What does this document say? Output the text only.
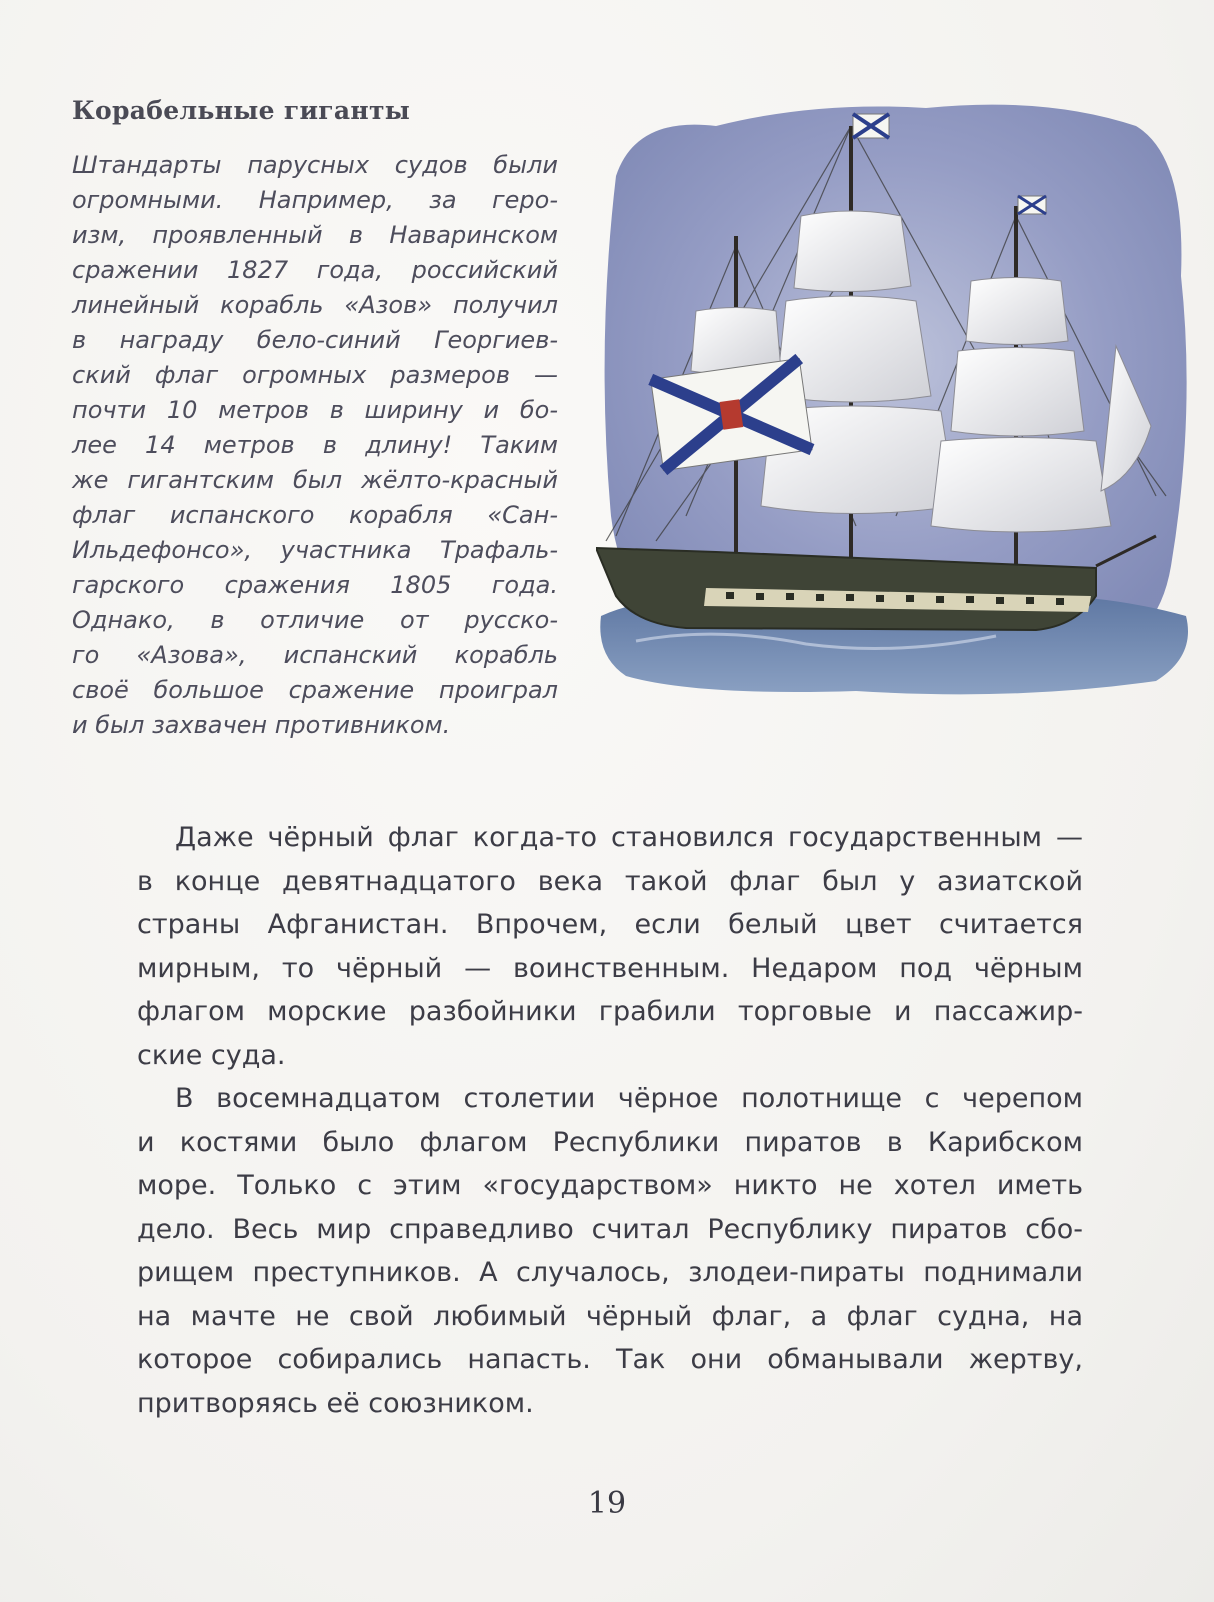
Корабельные гиганты
Штандарты парусных судов были
огромными. Например, за геро-
изм, проявленный в Наваринском
сражении 1827 года, российский
линейный корабль «Азов» получил
в награду бело-синий Георгиев-
ский флаг огромных размеров —
почти 10 метров в ширину и бо-
лее 14 метров в длину! Таким
же гигантским был жёлто-красный
флаг испанского корабля «Сан-
Ильдефонсо», участника Трафаль-
гарского сражения 1805 года.
Однако, в отличие от русско-
го «Азова», испанский корабль
своё большое сражение проиграл
и был захвачен противником.
Даже чёрный флаг когда-то становился государственным —
в конце девятнадцатого века такой флаг был у азиатской
страны Афганистан. Впрочем, если белый цвет считается
мирным, то чёрный — воинственным. Недаром под чёрным
флагом морские разбойники грабили торговые и пассажир-
ские суда.
В восемнадцатом столетии чёрное полотнище с черепом
и костями было флагом Республики пиратов в Карибском
море. Только с этим «государством» никто не хотел иметь
дело. Весь мир справедливо считал Республику пиратов сбо-
рищем преступников. А случалось, злодеи-пираты поднимали
на мачте не свой любимый чёрный флаг, а флаг судна, на
которое собирались напасть. Так они обманывали жертву,
притворяясь её союзником.
19
